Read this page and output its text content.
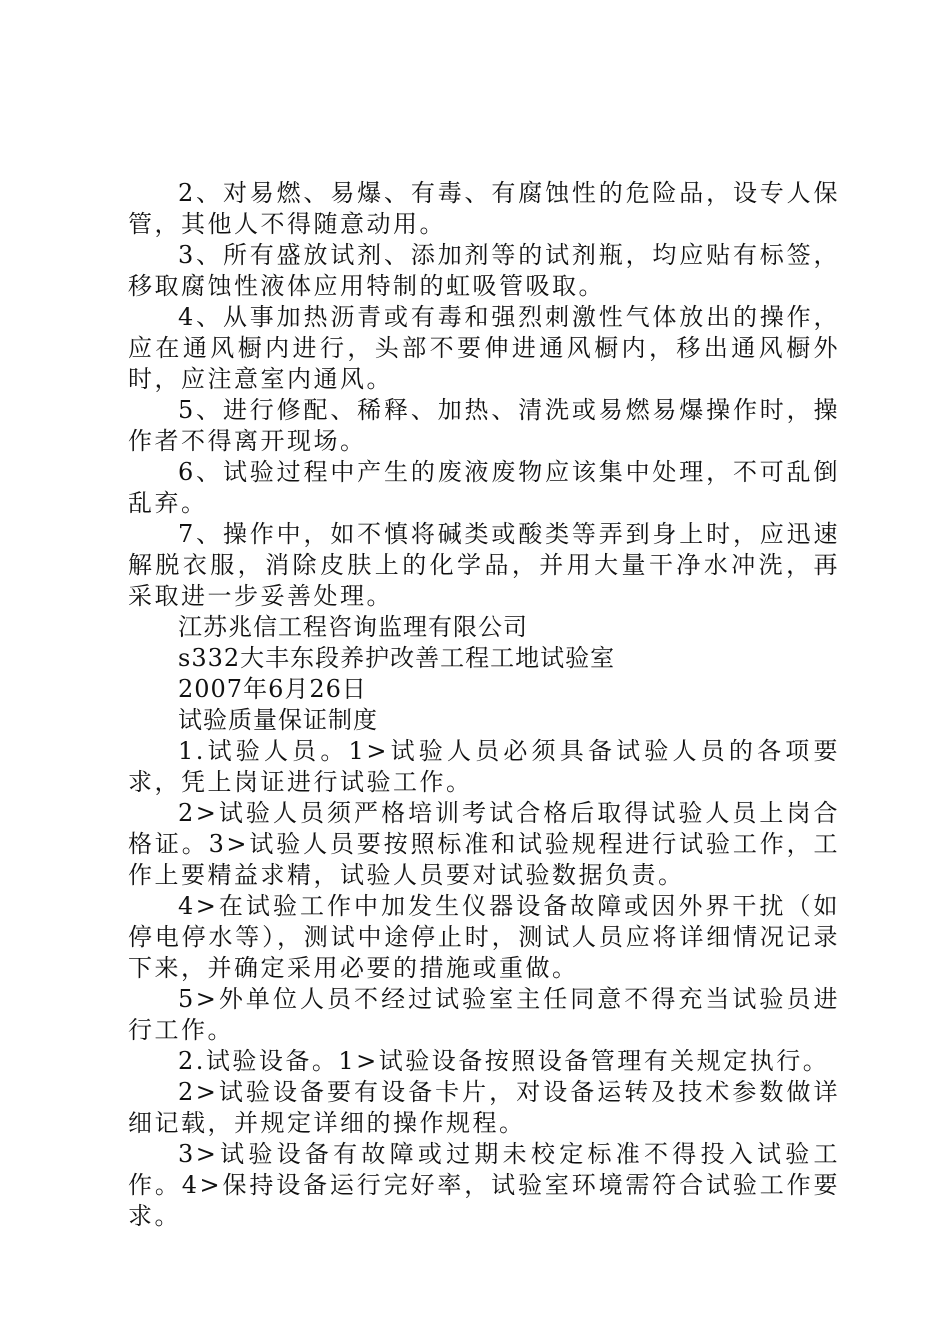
2、对易燃、易爆、有毒、有腐蚀性的危险品，设专人保管，其他人不得随意动用。

3、所有盛放试剂、添加剂等的试剂瓶，均应贴有标签，移取腐蚀性液体应用特制的虹吸管吸取。

4、从事加热沥青或有毒和强烈刺激性气体放出的操作，应在通风橱内进行，头部不要伸进通风橱内，移出通风橱外时，应注意室内通风。

5、进行修配、稀释、加热、清洗或易燃易爆操作时，操作者不得离开现场。

6、试验过程中产生的废液废物应该集中处理，不可乱倒乱弃。

7、操作中，如不慎将碱类或酸类等弄到身上时，应迅速解脱衣服，消除皮肤上的化学品，并用大量干净水冲洗，再采取进一步妥善处理。

江苏兆信工程咨询监理有限公司

s332大丰东段养护改善工程工地试验室

2007年6月26日

试验质量保证制度

1.试验人员。1>试验人员必须具备试验人员的各项要求，凭上岗证进行试验工作。

2>试验人员须严格培训考试合格后取得试验人员上岗合格证。3>试验人员要按照标准和试验规程进行试验工作，工作上要精益求精，试验人员要对试验数据负责。

4>在试验工作中加发生仪器设备故障或因外界干扰（如停电停水等），测试中途停止时，测试人员应将详细情况记录下来，并确定采用必要的措施或重做。

5>外单位人员不经过试验室主任同意不得充当试验员进行工作。

2.试验设备。1>试验设备按照设备管理有关规定执行。

2>试验设备要有设备卡片，对设备运转及技术参数做详细记载，并规定详细的操作规程。

3>试验设备有故障或过期未校定标准不得投入试验工作。4>保持设备运行完好率，试验室环境需符合试验工作要求。
